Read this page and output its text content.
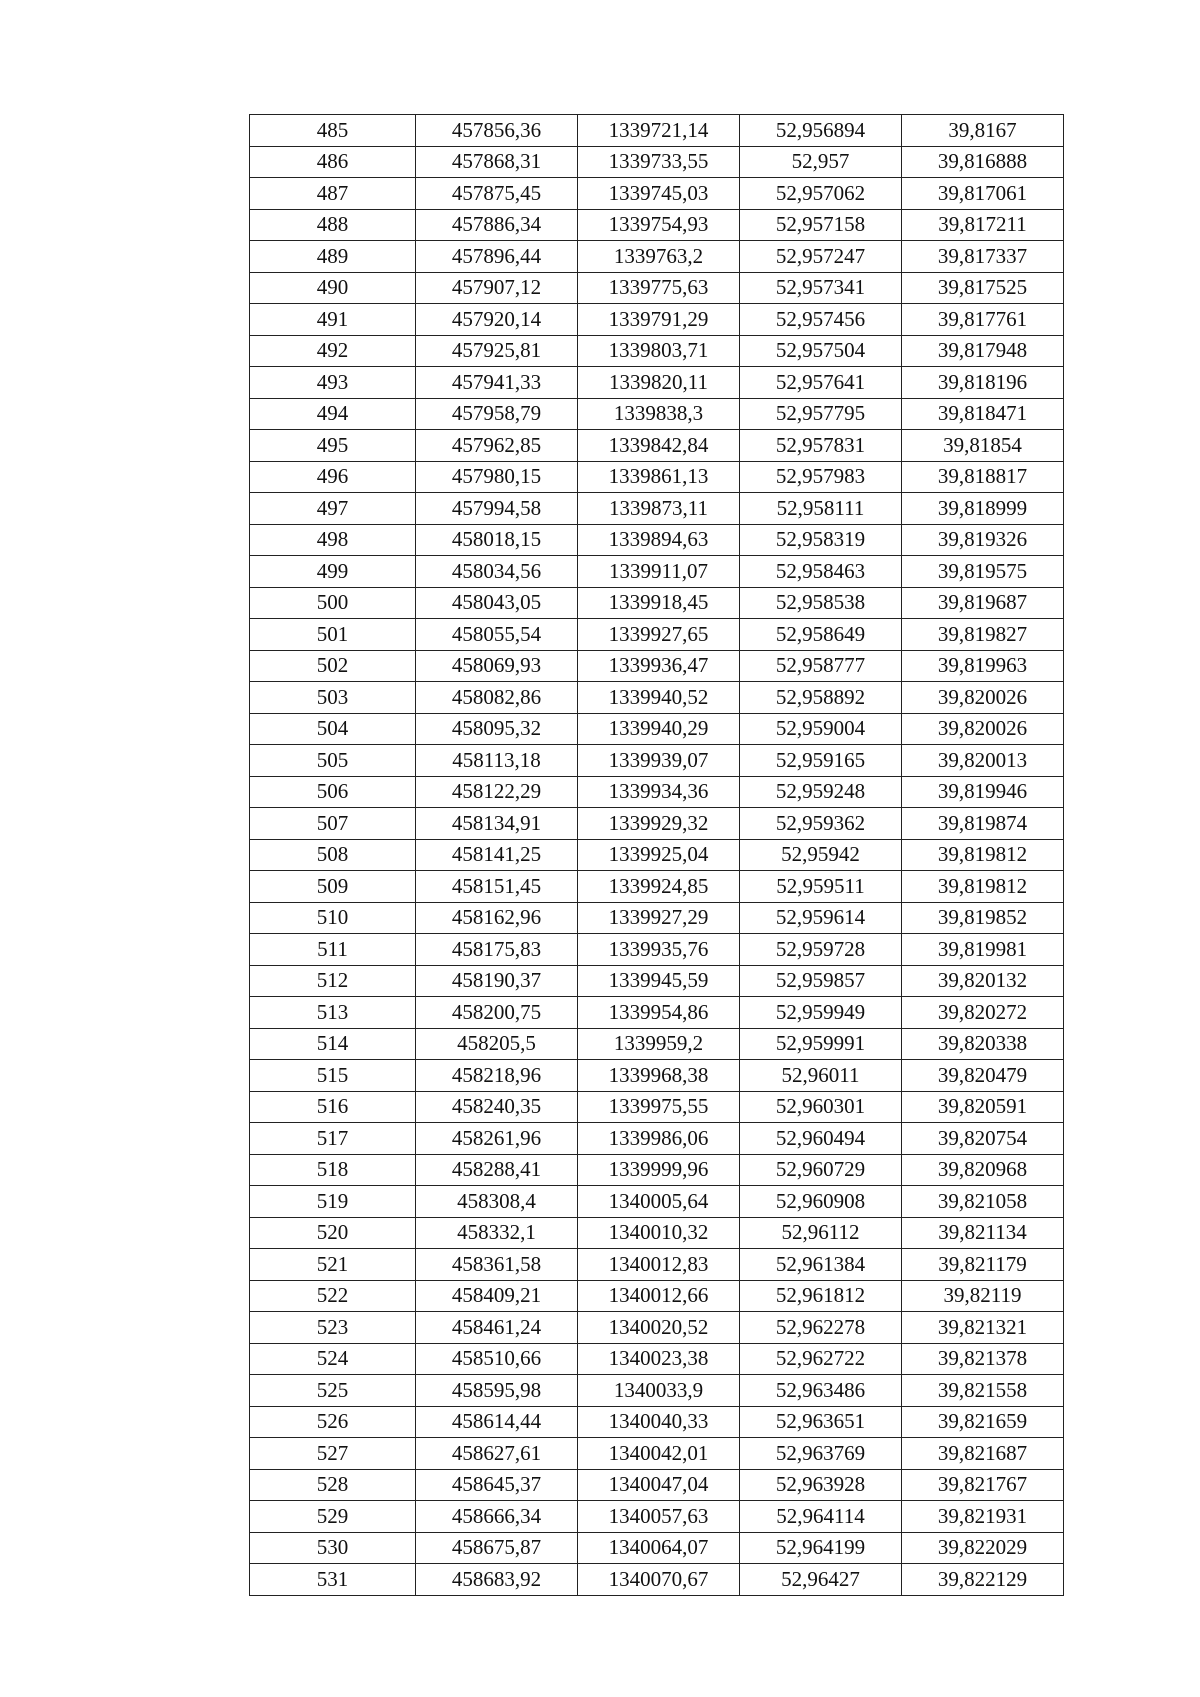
485	457856,36	1339721,14	52,956894	39,8167
486	457868,31	1339733,55	52,957	39,816888
487	457875,45	1339745,03	52,957062	39,817061
488	457886,34	1339754,93	52,957158	39,817211
489	457896,44	1339763,2	52,957247	39,817337
490	457907,12	1339775,63	52,957341	39,817525
491	457920,14	1339791,29	52,957456	39,817761
492	457925,81	1339803,71	52,957504	39,817948
493	457941,33	1339820,11	52,957641	39,818196
494	457958,79	1339838,3	52,957795	39,818471
495	457962,85	1339842,84	52,957831	39,81854
496	457980,15	1339861,13	52,957983	39,818817
497	457994,58	1339873,11	52,958111	39,818999
498	458018,15	1339894,63	52,958319	39,819326
499	458034,56	1339911,07	52,958463	39,819575
500	458043,05	1339918,45	52,958538	39,819687
501	458055,54	1339927,65	52,958649	39,819827
502	458069,93	1339936,47	52,958777	39,819963
503	458082,86	1339940,52	52,958892	39,820026
504	458095,32	1339940,29	52,959004	39,820026
505	458113,18	1339939,07	52,959165	39,820013
506	458122,29	1339934,36	52,959248	39,819946
507	458134,91	1339929,32	52,959362	39,819874
508	458141,25	1339925,04	52,95942	39,819812
509	458151,45	1339924,85	52,959511	39,819812
510	458162,96	1339927,29	52,959614	39,819852
511	458175,83	1339935,76	52,959728	39,819981
512	458190,37	1339945,59	52,959857	39,820132
513	458200,75	1339954,86	52,959949	39,820272
514	458205,5	1339959,2	52,959991	39,820338
515	458218,96	1339968,38	52,96011	39,820479
516	458240,35	1339975,55	52,960301	39,820591
517	458261,96	1339986,06	52,960494	39,820754
518	458288,41	1339999,96	52,960729	39,820968
519	458308,4	1340005,64	52,960908	39,821058
520	458332,1	1340010,32	52,96112	39,821134
521	458361,58	1340012,83	52,961384	39,821179
522	458409,21	1340012,66	52,961812	39,82119
523	458461,24	1340020,52	52,962278	39,821321
524	458510,66	1340023,38	52,962722	39,821378
525	458595,98	1340033,9	52,963486	39,821558
526	458614,44	1340040,33	52,963651	39,821659
527	458627,61	1340042,01	52,963769	39,821687
528	458645,37	1340047,04	52,963928	39,821767
529	458666,34	1340057,63	52,964114	39,821931
530	458675,87	1340064,07	52,964199	39,822029
531	458683,92	1340070,67	52,96427	39,822129
